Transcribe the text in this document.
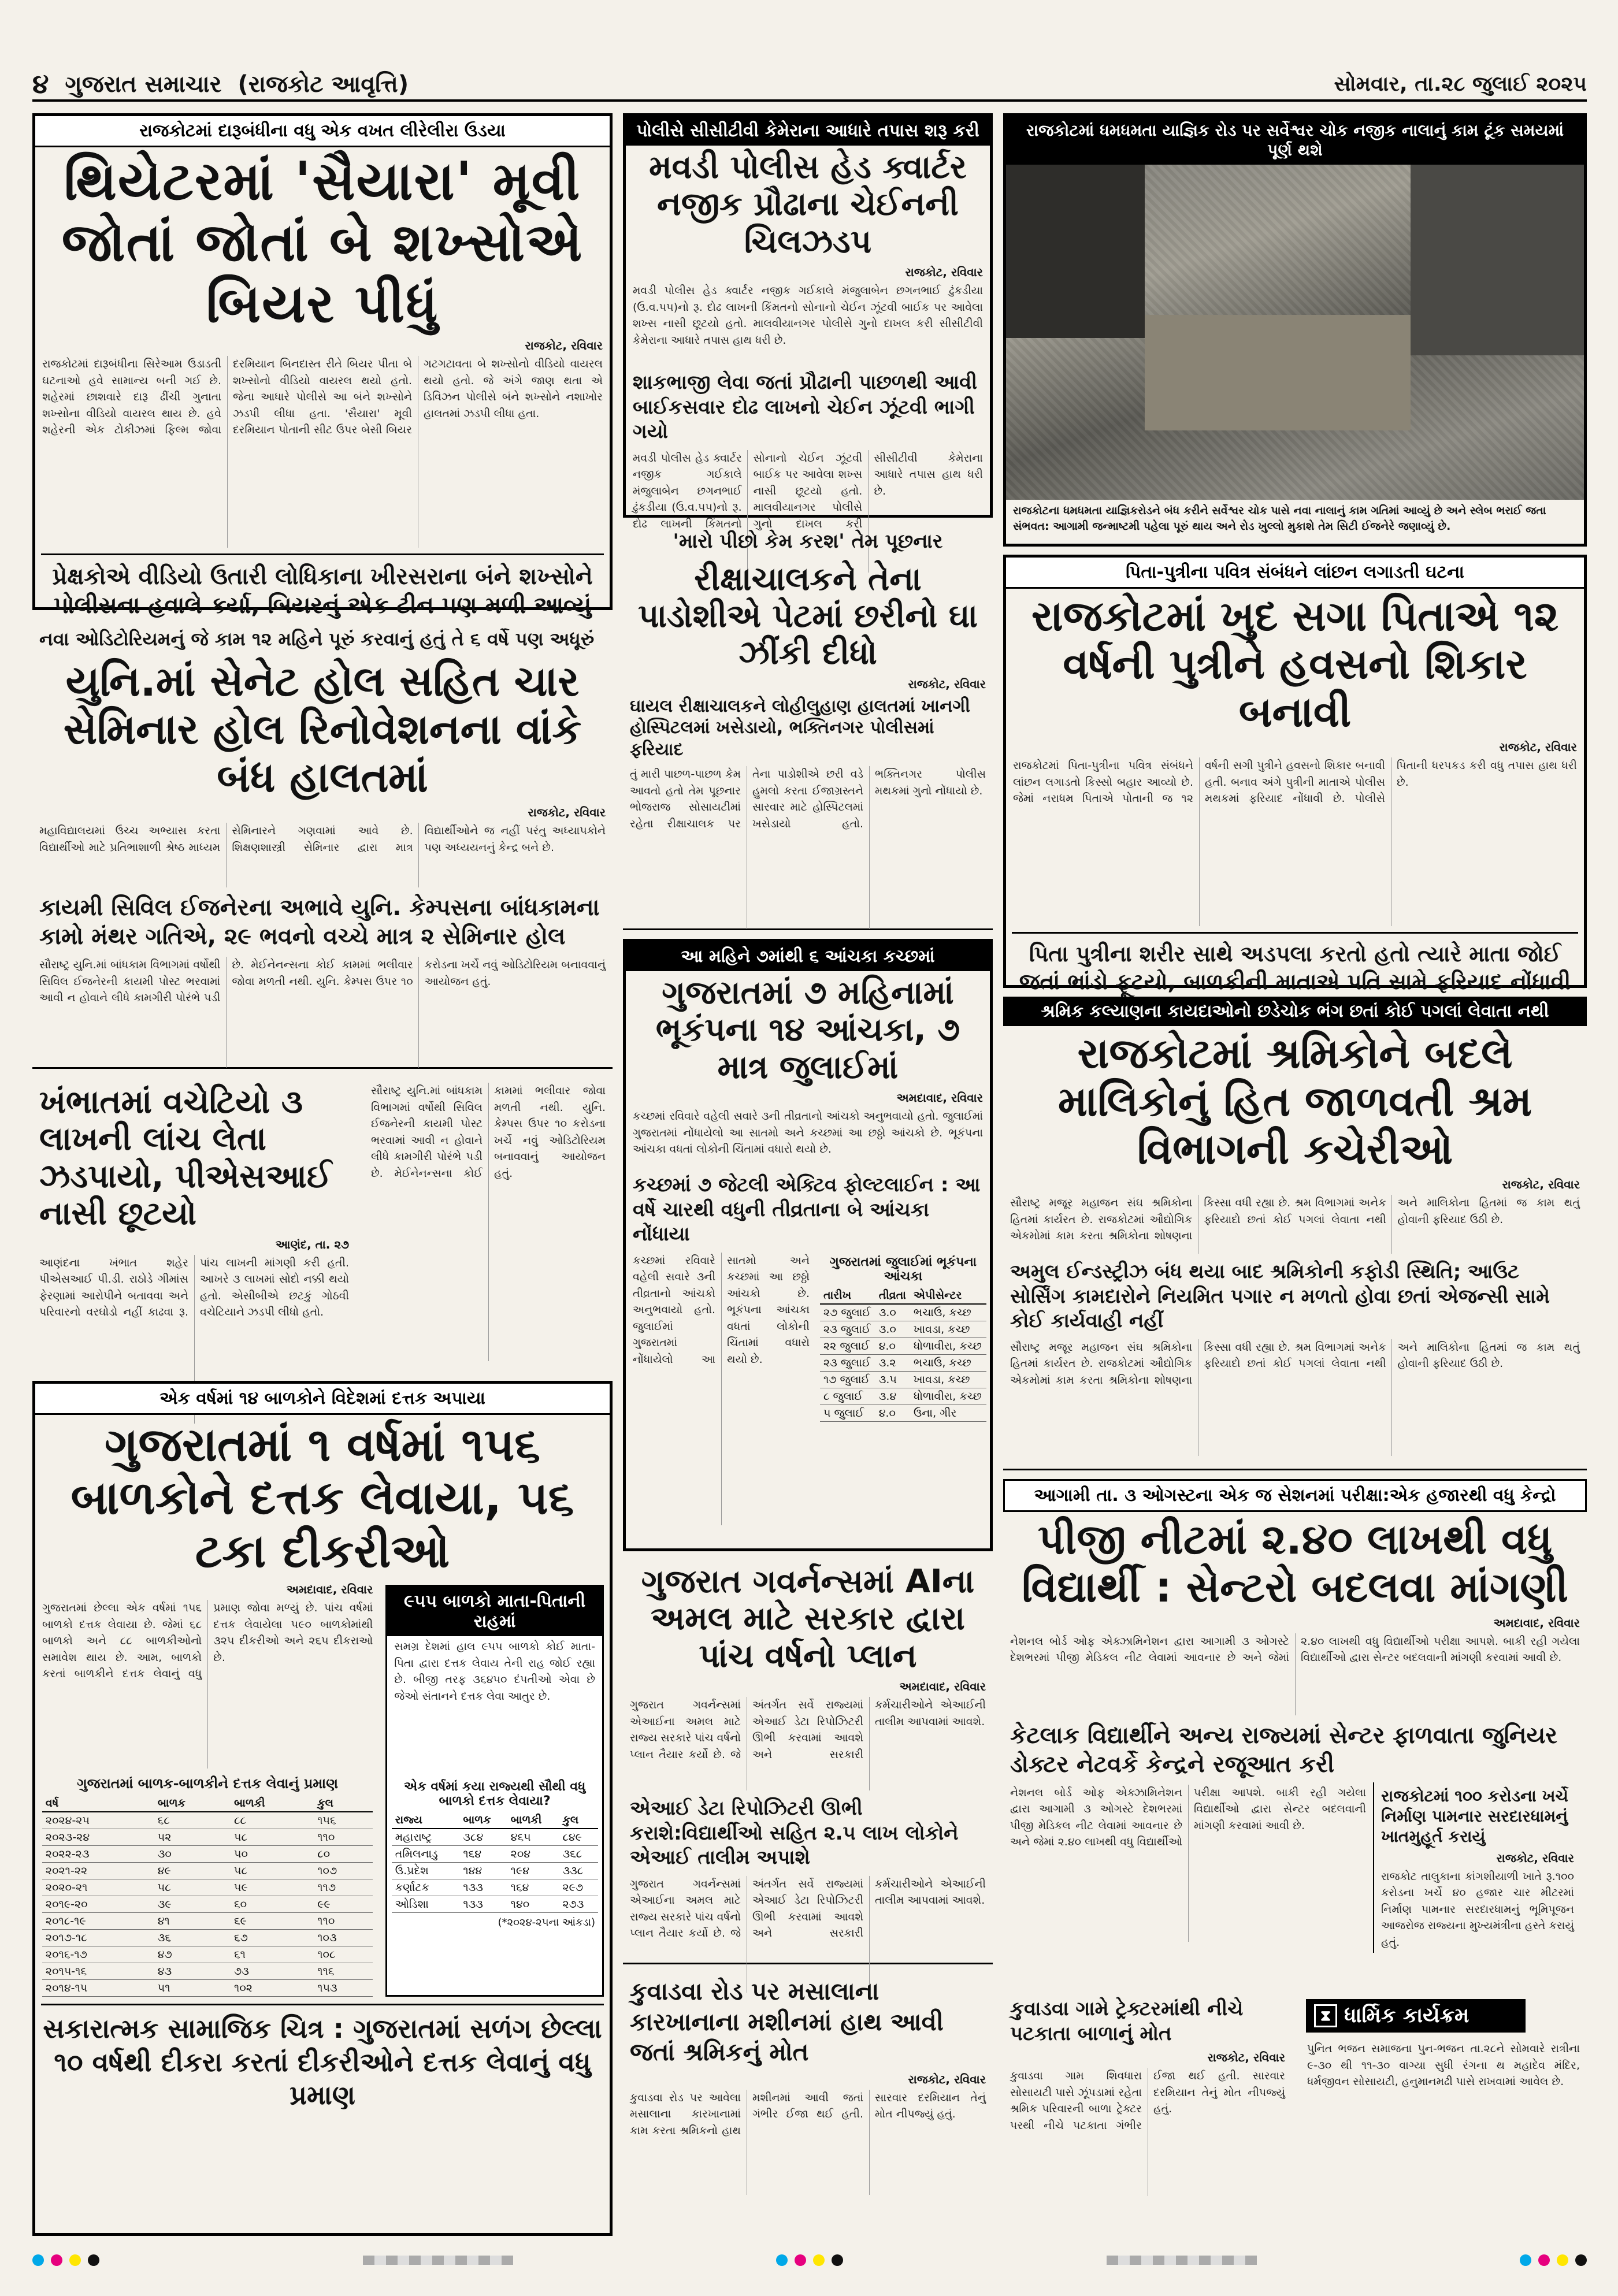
૪ ગુજરાત સમાચાર (રાજકોટ આવૃત્તિ)	સોમવાર, તા.૨૮ જુલાઈ ૨૦૨૫
રાજકોટમાં દારૂબંધીના વધુ એક વખત લીરેલીરા ઉડયા
થિયેટરમાં 'સૈયારા' મૂવી જોતાં જોતાં બે શખ્સોએ બિયર પીધું
રાજકોટ, રવિવાર
રાજકોટમાં દારૂબંધીના સિરેઆમ ઉડાડતી ઘટનાઓ હવે સામાન્ય બની ગઈ છે. શહેરમાં છાશવારે દારૂ ઢીંચી ગુનાતા શખ્સોના વીડિયો વાયરલ થાય છે. હવે શહેરની એક ટોકીઝમાં ફિલ્મ જોવા દરમિયાન બિનદાસ્ત રીતે બિયર પીતા બે શખ્સોનો વીડિયો વાયરલ થયો હતો. જેના આધારે પોલીસે આ બંને શખ્સોને ઝડપી લીધા હતા. 'સૈયારા' મૂવી દરમિયાન પોતાની સીટ ઉપર બેસી બિયર ગટગટાવતા બે શખ્સોનો વીડિયો વાયરલ થયો હતો. જે અંગે જાણ થતા એ ડિવિઝન પોલીસે બંને શખ્સોને નશાખોર હાલતમાં ઝડપી લીધા હતા.
પ્રેક્ષકોએ વીડિયો ઉતારી લોધિકાના ખીરસરાના બંને શખ્સોને પોલીસના હવાલે કર્યા, બિયરનું એક ટીન પણ મળી આવ્યું
નવા ઓડિટોરિયમનું જે કામ ૧૨ મહિને પૂરું કરવાનું હતું તે ૬ વર્ષે પણ અધૂરું
યુનિ.માં સેનેટ હોલ સહિત ચાર સેમિનાર હોલ રિનોવેશનના વાંકે બંધ હાલતમાં
રાજકોટ, રવિવાર
મહાવિદ્યાલયમાં ઉચ્ચ અભ્યાસ કરતા વિદ્યાર્થીઓ માટે પ્રતિભાશાળી શ્રેષ્ઠ માધ્યમ સેમિનારને ગણવામાં આવે છે. શિક્ષણશાસ્ત્રી સેમિનાર દ્વારા માત્ર વિદ્યાર્થીઓને જ નહીં પરંતુ અધ્યાપકોને પણ અધ્યયનનું કેન્દ્ર બને છે.
કાયમી સિવિલ ઈજનેરના અભાવે યુનિ. કેમ્પસના બાંધકામના કામો મંથર ગતિએ, ૨૯ ભવનો વચ્ચે માત્ર ૨ સેમિનાર હોલ
સૌરાષ્ટ્ર યુનિ.માં બાંધકામ વિભાગમાં વર્ષોથી સિવિલ ઈજનેરની કાયમી પોસ્ટ ભરવામાં આવી ન હોવાને લીધે કામગીરી પોરંભે પડી છે. મેઈનેનન્સના કોઈ કામમાં ભલીવાર જોવા મળતી નથી. યુનિ. કેમ્પસ ઉપર ૧૦ કરોડના ખર્ચે નવું ઓડિટોરિયમ બનાવવાનું આયોજન હતું.
ખંભાતમાં વચેટિયો ૩ લાખની લાંચ લેતા ઝડપાયો, પીએસઆઈ નાસી છૂટયો
આણંદ, તા. ૨૭
આણંદના ખંભાત શહેર પીએસઆઈ પી.ડી. રાઠોડે ગીમાંસ ફેરણામાં આરોપીને બતાવવા અને પરિવારનો વરઘોડો નહીં કાઢવા રૂ. પાંચ લાખની માંગણી કરી હતી. આખરે ૩ લાખમાં સોદો નક્કી થયો હતો. એસીબીએ છટકું ગોઠવી વચેટિયાને ઝડપી લીધો હતો.
સૌરાષ્ટ્ર યુનિ.માં બાંધકામ વિભાગમાં વર્ષોથી સિવિલ ઈજનેરની કાયમી પોસ્ટ ભરવામાં આવી ન હોવાને લીધે કામગીરી પોરંભે પડી છે. મેઈનેનન્સના કોઈ કામમાં ભલીવાર જોવા મળતી નથી. યુનિ. કેમ્પસ ઉપર ૧૦ કરોડના ખર્ચે નવું ઓડિટોરિયમ બનાવવાનું આયોજન હતું.
એક વર્ષમાં ૧૪ બાળકોને વિદેશમાં દત્તક અપાયા
ગુજરાતમાં ૧ વર્ષમાં ૧૫૬ બાળકોને દત્તક લેવાયા, ૫૬ ટકા દીકરીઓ
અમદાવાદ, રવિવાર
ગુજરાતમાં છેલ્લા એક વર્ષમાં ૧૫૬ બાળકો દત્તક લેવાયા છે. જેમાં ૬૮ બાળકો અને ૮૮ બાળકીઓનો સમાવેશ થાય છે. આમ, બાળકો કરતાં બાળકીને દત્તક લેવાનું વધુ પ્રમાણ જોવા મળ્યું છે. પાંચ વર્ષમાં દત્તક લેવાયેલા ૫૯૦ બાળકોમાંથી ૩૨૫ દીકરીઓ અને ૨૬૫ દીકરાઓ છે.
ગુજરાતમાં બાળક-બાળકીને દત્તક લેવાનું પ્રમાણ
વર્ષ	બાળક	બાળકી	કુલ
૨૦૨૪-૨૫	૬૮	૮૮	૧૫૬
૨૦૨૩-૨૪	૫૨	૫૮	૧૧૦
૨૦૨૨-૨૩	૩૦	૫૦	૮૦
૨૦૨૧-૨૨	૪૯	૫૮	૧૦૭
૨૦૨૦-૨૧	૫૮	૫૯	૧૧૭
૨૦૧૯-૨૦	૩૯	૬૦	૯૯
૨૦૧૮-૧૯	૪૧	૬૯	૧૧૦
૨૦૧૭-૧૮	૩૬	૬૭	૧૦૩
૨૦૧૬-૧૭	૪૭	૬૧	૧૦૮
૨૦૧૫-૧૬	૪૩	૭૩	૧૧૬
૨૦૧૪-૧૫	૫૧	૧૦૨	૧૫૩
૯૫૫ બાળકો માતા-પિતાની રાહમાં
સમગ્ર દેશમાં હાલ ૯૫૫ બાળકો કોઈ માતા-પિતા દ્વારા દત્તક લેવાય તેની રાહ જોઈ રહ્યા છે. બીજી તરફ ૩૬૪૫૦ દંપતીઓ એવા છે જેઓ સંતાનને દત્તક લેવા આતુર છે.
એક વર્ષમાં કયા રાજ્યથી સૌથી વધુ બાળકો દત્તક લેવાયા?
રાજ્ય	બાળક	બાળકી	કુલ
મહારાષ્ટ્ર	૩૮૪	૪૬૫	૮૪૯
તમિલનાડુ	૧૬૪	૨૦૪	૩૬૮
ઉ.પ્રદેશ	૧૪૪	૧૯૪	૩૩૮
કર્ણાટક	૧૩૩	૧૬૪	૨૯૭
ઓડિશા	૧૩૩	૧૪૦	૨૭૩
(*૨૦૨૪-૨૫ના આંકડા)
સકારાત્મક સામાજિક ચિત્ર : ગુજરાતમાં સળંગ છેલ્લા ૧૦ વર્ષથી દીકરા કરતાં દીકરીઓને દત્તક લેવાનું વધુ પ્રમાણ
પોલીસે સીસીટીવી કેમેરાના આધારે તપાસ શરૂ કરી
મવડી પોલીસ હેડ ક્વાર્ટર નજીક પ્રૌઢાના ચેઈનની ચિલઝડપ
રાજકોટ, રવિવાર
મવડી પોલીસ હેડ ક્વાર્ટર નજીક ગઈકાલે મંજુલાબેન છગનભાઈ ઢુંકડીયા (ઉ.વ.૫૫)નો રૂ. દોઢ લાખની કિંમતનો સોનાનો ચેઈન ઝૂંટવી બાઈક પર આવેલા શખ્સ નાસી છૂટયો હતો. માલવીયાનગર પોલીસે ગુનો દાખલ કરી સીસીટીવી કેમેરાના આધારે તપાસ હાથ ધરી છે.
શાકભાજી લેવા જતાં પ્રૌઢાની પાછળથી આવી બાઈકસવાર દોઢ લાખનો ચેઈન ઝૂંટવી ભાગી ગયો
મવડી પોલીસ હેડ ક્વાર્ટર નજીક ગઈકાલે મંજુલાબેન છગનભાઈ ઢુંકડીયા (ઉ.વ.૫૫)નો રૂ. દોઢ લાખની કિંમતનો સોનાનો ચેઈન ઝૂંટવી બાઈક પર આવેલા શખ્સ નાસી છૂટયો હતો. માલવીયાનગર પોલીસે ગુનો દાખલ કરી સીસીટીવી કેમેરાના આધારે તપાસ હાથ ધરી છે.
'મારો પીછો કેમ કરશ' તેમ પૂછનાર
રીક્ષાચાલકને તેના પાડોશીએ પેટમાં છરીનો ઘા ઝીંકી દીધો
રાજકોટ, રવિવાર
ઘાયલ રીક્ષાચાલકને લોહીલુહાણ હાલતમાં ખાનગી હોસ્પિટલમાં ખસેડાયો, ભક્તિનગર પોલીસમાં ફરિયાદ
તું મારી પાછળ-પાછળ કેમ આવતો હતો તેમ પૂછનાર ભોજરાજ સોસાયટીમાં રહેતા રીક્ષાચાલક પર તેના પાડોશીએ છરી વડે હુમલો કરતા ઈજાગ્રસ્તને સારવાર માટે હોસ્પિટલમાં ખસેડાયો હતો. ભક્તિનગર પોલીસ મથકમાં ગુનો નોંધાયો છે.
આ મહિને ૭માંથી ૬ આંચકા કચ્છમાં
ગુજરાતમાં ૭ મહિનામાં ભૂકંપના ૧૪ આંચકા, ૭ માત્ર જુલાઈમાં
અમદાવાદ, રવિવાર
કચ્છમાં રવિવારે વહેલી સવારે ૩ની તીવ્રતાનો આંચકો અનુભવાયો હતો. જુલાઈમાં ગુજરાતમાં નોંધાયેલો આ સાતમો અને કચ્છમાં આ છઠ્ઠો આંચકો છે. ભૂકંપના આંચકા વધતાં લોકોની ચિંતામાં વધારો થયો છે.
કચ્છમાં ૭ જેટલી એક્ટિવ ફોલ્ટલાઈન : આ વર્ષે ચારથી વધુની તીવ્રતાના બે આંચકા નોંધાયા
કચ્છમાં રવિવારે વહેલી સવારે ૩ની તીવ્રતાનો આંચકો અનુભવાયો હતો. જુલાઈમાં ગુજરાતમાં નોંધાયેલો આ સાતમો અને કચ્છમાં આ છઠ્ઠો આંચકો છે. ભૂકંપના આંચકા વધતાં લોકોની ચિંતામાં વધારો થયો છે.
ગુજરાતમાં જુલાઈમાં ભૂકંપના આંચકા
તારીખ	તીવ્રતા	એપીસેન્ટર
૨૭ જુલાઈ	૩.૦	ભચાઉ, કચ્છ
૨૩ જુલાઈ	૩.૦	ખાવડા, કચ્છ
૨૨ જુલાઈ	૪.૦	ધોળાવીરા, કચ્છ
૨૩ જુલાઈ	૩.૨	ભચાઉ, કચ્છ
૧૭ જુલાઈ	૩.૫	ખાવડા, કચ્છ
૮ જુલાઈ	૩.૪	ધોળાવીરા, કચ્છ
૫ જુલાઈ	૪.૦	ઉના, ગીર
ગુજરાત ગવર્નન્સમાં AIના અમલ માટે સરકાર દ્વારા પાંચ વર્ષનો પ્લાન
અમદાવાદ, રવિવાર
ગુજરાત ગવર્નન્સમાં એઆઈના અમલ માટે રાજ્ય સરકારે પાંચ વર્ષનો પ્લાન તૈયાર કર્યો છે. જે અંતર્ગત સર્વે રાજ્યમાં એઆઈ ડેટા રિપોઝિટરી ઊભી કરવામાં આવશે અને સરકારી કર્મચારીઓને એઆઈની તાલીમ આપવામાં આવશે.
એઆઈ ડેટા રિપોઝિટરી ઊભી કરાશે:વિદ્યાર્થીઓ સહિત ૨.૫ લાખ લોકોને એઆઈ તાલીમ અપાશે
ગુજરાત ગવર્નન્સમાં એઆઈના અમલ માટે રાજ્ય સરકારે પાંચ વર્ષનો પ્લાન તૈયાર કર્યો છે. જે અંતર્ગત સર્વે રાજ્યમાં એઆઈ ડેટા રિપોઝિટરી ઊભી કરવામાં આવશે અને સરકારી કર્મચારીઓને એઆઈની તાલીમ આપવામાં આવશે.
કુવાડવા રોડ પર મસાલાના કારખાનાના મશીનમાં હાથ આવી જતાં શ્રમિકનું મોત
રાજકોટ, રવિવાર
કુવાડવા રોડ પર આવેલા મસાલાના કારખાનામાં કામ કરતા શ્રમિકનો હાથ મશીનમાં આવી જતાં ગંભીર ઈજા થઈ હતી. સારવાર દરમિયાન તેનું મોત નીપજ્યું હતું.
રાજકોટમાં ધમધમતા યાજ્ઞિક રોડ પર સર્વેશ્વર ચોક નજીક નાલાનું કામ ટૂંક સમયમાં પૂર્ણ થશે
રાજકોટના ધમધમતા યાજ્ઞિકરોડને બંધ કરીને સર્વેશ્વર ચોક પાસે નવા નાલાનું કામ ગતિમાં આવ્યું છે અને સ્લેબ ભરાઈ જતા સંભવત: આગામી જન્માષ્ટમી પહેલા પૂરું થાય અને રોડ ખુલ્લો મુકાશે તેમ સિટી ઈજનેરે જણાવ્યું છે.
પિતા-પુત્રીના પવિત્ર સંબંધને લાંછન લગાડતી ઘટના
રાજકોટમાં ખુદ સગા પિતાએ ૧૨ વર્ષની પુત્રીને હવસનો શિકાર બનાવી
રાજકોટ, રવિવાર
રાજકોટમાં પિતા-પુત્રીના પવિત્ર સંબંધને લાંછન લગાડતો કિસ્સો બહાર આવ્યો છે. જેમાં નરાધમ પિતાએ પોતાની જ ૧૨ વર્ષની સગી પુત્રીને હવસનો શિકાર બનાવી હતી. બનાવ અંગે પુત્રીની માતાએ પોલીસ મથકમાં ફરિયાદ નોંધાવી છે. પોલીસે પિતાની ધરપકડ કરી વધુ તપાસ હાથ ધરી છે.
પિતા પુત્રીના શરીર સાથે અડપલા કરતો હતો ત્યારે માતા જોઈ જતાં ભાંડો ફૂટયો, બાળકીની માતાએ પતિ સામે ફરિયાદ નોંધાવી
શ્રમિક કલ્યાણના કાયદાઓનો છડેચોક ભંગ છતાં કોઈ પગલાં લેવાતા નથી
રાજકોટમાં શ્રમિકોને બદલે માલિકોનું હિત જાળવતી શ્રમ વિભાગની કચેરીઓ
રાજકોટ, રવિવાર
સૌરાષ્ટ્ર મજૂર મહાજન સંઘ શ્રમિકોના હિતમાં કાર્યરત છે. રાજકોટમાં ઔદ્યોગિક એકમોમાં કામ કરતા શ્રમિકોના શોષણના કિસ્સા વધી રહ્યા છે. શ્રમ વિભાગમાં અનેક ફરિયાદો છતાં કોઈ પગલાં લેવાતા નથી અને માલિકોના હિતમાં જ કામ થતું હોવાની ફરિયાદ ઉઠી છે.
અમુલ ઈન્ડસ્ટ્રીઝ બંધ થયા બાદ શ્રમિકોની કફોડી સ્થિતિ; આઉટ સોર્સિંગ કામદારોને નિયમિત પગાર ન મળતો હોવા છતાં એજન્સી સામે કોઈ કાર્યવાહી નહીં
સૌરાષ્ટ્ર મજૂર મહાજન સંઘ શ્રમિકોના હિતમાં કાર્યરત છે. રાજકોટમાં ઔદ્યોગિક એકમોમાં કામ કરતા શ્રમિકોના શોષણના કિસ્સા વધી રહ્યા છે. શ્રમ વિભાગમાં અનેક ફરિયાદો છતાં કોઈ પગલાં લેવાતા નથી અને માલિકોના હિતમાં જ કામ થતું હોવાની ફરિયાદ ઉઠી છે.
આગામી તા. ૩ ઓગસ્ટના એક જ સેશનમાં પરીક્ષા:એક હજારથી વધુ કેન્દ્રો
પીજી નીટમાં ૨.૪૦ લાખથી વધુ વિદ્યાર્થી : સેન્ટરો બદલવા માંગણી
અમદાવાદ, રવિવાર
નેશનલ બોર્ડ ઓફ એક્ઝામિનેશન દ્વારા આગામી ૩ ઓગસ્ટે દેશભરમાં પીજી મેડિકલ નીટ લેવામાં આવનાર છે અને જેમાં ૨.૪૦ લાખથી વધુ વિદ્યાર્થીઓ પરીક્ષા આપશે. બાકી રહી ગયેલા વિદ્યાર્થીઓ દ્વારા સેન્ટર બદલવાની માંગણી કરવામાં આવી છે.
કેટલાક વિદ્યાર્થીને અન્ય રાજ્યમાં સેન્ટર ફાળવાતા જુનિયર ડોક્ટર નેટવર્કે કેન્દ્રને રજૂઆત કરી
નેશનલ બોર્ડ ઓફ એક્ઝામિનેશન દ્વારા આગામી ૩ ઓગસ્ટે દેશભરમાં પીજી મેડિકલ નીટ લેવામાં આવનાર છે અને જેમાં ૨.૪૦ લાખથી વધુ વિદ્યાર્થીઓ પરીક્ષા આપશે. બાકી રહી ગયેલા વિદ્યાર્થીઓ દ્વારા સેન્ટર બદલવાની માંગણી કરવામાં આવી છે.
રાજકોટમાં ૧૦૦ કરોડના ખર્ચે નિર્માણ પામનાર સરદારધામનું ખાતમુહૂર્ત કરાયું
રાજકોટ, રવિવાર
રાજકોટ તાલુકાના કાંગશીયાળી ખાતે રૂ.૧૦૦ કરોડના ખર્ચે ૪૦ હજાર ચાર મીટરમાં નિર્માણ પામનાર સરદારધામનું ભૂમિપૂજન આજરોજ રાજ્યના મુખ્યમંત્રીના હસ્તે કરાયું હતું.
કુવાડવા ગામે ટ્રેક્ટરમાંથી નીચે પટકાતા બાળાનું મોત
રાજકોટ, રવિવાર
કુવાડવા ગામ શિવધારા સોસાયટી પાસે ઝૂંપડામાં રહેતા શ્રમિક પરિવારની બાળા ટ્રેક્ટર પરથી નીચે પટકાતા ગંભીર ઈજા થઈ હતી. સારવાર દરમિયાન તેનું મોત નીપજ્યું હતું.
⧗ ધાર્મિક કાર્યક્રમ
પુનિત ભજન સમાજના પુન-ભજન તા.૨૮ને સોમવારે રાત્રીના ૯-૩૦ થી ૧૧-૩૦ વાગ્યા સુધી રંગના થ મહાદેવ મંદિર, ધર્મજીવન સોસાયટી, હનુમાનમઢી પાસે રાખવામાં આવેલ છે.
